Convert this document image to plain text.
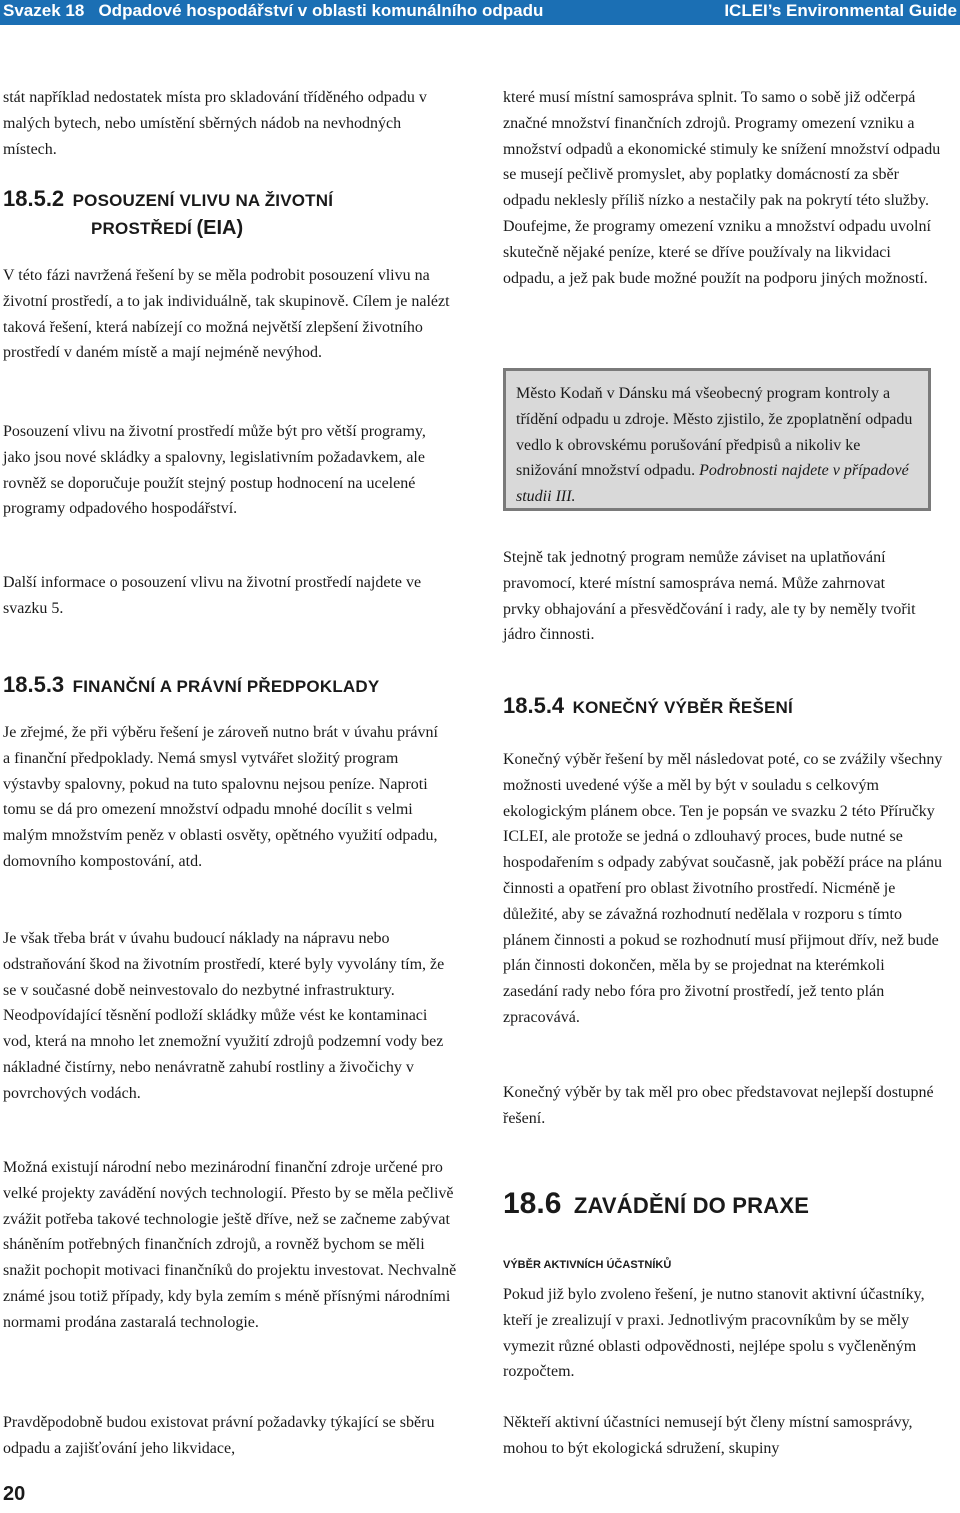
Svazek 18   Odpadové hospodářství v oblasti komunálního odpadu	ICLEI’s Environmental Guide

stát například nedostatek místa pro skladování tříděného odpadu v malých bytech, nebo umístění sběrných nádob na nevhodných místech.

18.5.2 POSOUZENÍ VLIVU NA ŽIVOTNÍ
PROSTŘEDÍ (EIA)

V této fázi navržená řešení by se měla podrobit posouzení vlivu na životní prostředí, a to jak individuálně, tak skupinově. Cílem je nalézt taková řešení, která nabízejí co možná největší zlepšení životního prostředí v daném místě a mají nejméně nevýhod.

Posouzení vlivu na životní prostředí může být pro větší programy, jako jsou nové skládky a spalovny, legislativním požadavkem, ale rovněž se doporučuje použít stejný postup hodnocení na ucelené programy odpadového hospodářství.

Další informace o posouzení vlivu na životní prostředí najdete ve svazku 5.

18.5.3 FINANČNÍ A PRÁVNÍ PŘEDPOKLADY

Je zřejmé, že při výběru řešení je zároveň nutno brát v úvahu právní a finanční předpoklady. Nemá smysl vytvářet složitý program výstavby spalovny, pokud na tuto spalovnu nejsou peníze. Naproti tomu se dá pro omezení množství odpadu mnohé docílit s velmi malým množstvím peněz v oblasti osvěty, opětného využití odpadu, domovního kompostování, atd.

Je však třeba brát v úvahu budoucí náklady na nápravu nebo odstraňování škod na životním prostředí, které byly vyvolány tím, že se v současné době neinvestovalo do nezbytné infrastruktury. Neodpovídající těsnění podloží skládky může vést ke kontaminaci vod, která na mnoho let znemožní využití zdrojů podzemní vody bez nákladné čistírny, nebo nenávratně zahubí rostliny a živočichy v povrchových vodách.

Možná existují národní nebo mezinárodní finanční zdroje určené pro velké projekty zavádění nových technologií. Přesto by se měla pečlivě zvážit potřeba takové technologie ještě dříve, než se začneme zabývat sháněním potřebných finančních zdrojů, a rovněž bychom se měli snažit pochopit motivaci finančníků do projektu investovat. Nechvalně známé jsou totiž případy, kdy byla zemím s méně přísnými národními normami prodána zastaralá technologie.

Pravděpodobně budou existovat právní požadavky týkající se sběru odpadu a zajišťování jeho likvidace,

které musí místní samospráva splnit. To samo o sobě již odčerpá značné množství finančních zdrojů. Programy omezení vzniku a množství odpadů a ekonomické stimuly ke snížení množství odpadu se musejí pečlivě promyslet, aby poplatky domácností za sběr odpadu neklesly příliš nízko a nestačily pak na pokrytí této služby. Doufejme, že programy omezení vzniku a množství odpadu uvolní skutečně nějaké peníze, které se dříve používaly na likvidaci odpadu, a jež pak bude možné použít na podporu jiných možností.

Město Kodaň v Dánsku má všeobecný program kontroly a třídění odpadu u zdroje. Město zjistilo, že zpoplatnění odpadu vedlo k obrovskému porušování předpisů a nikoliv ke snižování množství odpadu. Podrobnosti najdete v případové studii III.

Stejně tak jednotný program nemůže záviset na uplatňování pravomocí, které místní samospráva nemá. Může zahrnovat prvky obhajování a přesvědčování i rady, ale ty by neměly tvořit jádro činnosti.

18.5.4 KONEČNÝ VÝBĚR ŘEŠENÍ

Konečný výběr řešení by měl následovat poté, co se zvážily všechny možnosti uvedené výše a měl by být v souladu s celkovým ekologickým plánem obce. Ten je popsán ve svazku 2 této Příručky ICLEI, ale protože se jedná o zdlouhavý proces, bude nutné se hospodařením s odpady zabývat současně, jak poběží práce na plánu činnosti a opatření pro oblast životního prostředí. Nicméně je důležité, aby se závažná rozhodnutí nedělala v rozporu s tímto plánem činnosti a pokud se rozhodnutí musí přijmout dřív, než bude plán činnosti dokončen, měla by se projednat na kterémkoli zasedání rady nebo fóra pro životní prostředí, jež tento plán zpracovává.

Konečný výběr by tak měl pro obec představovat nejlepší dostupné řešení.

18.6 ZAVÁDĚNÍ DO PRAXE
VÝBĚR AKTIVNÍCH ÚČASTNÍKŮ

Pokud již bylo zvoleno řešení, je nutno stanovit aktivní účastníky, kteří je zrealizují v praxi. Jednotlivým pracovníkům by se měly vymezit různé oblasti odpovědnosti, nejlépe spolu s vyčleněným rozpočtem.

Někteří aktivní účastníci nemusejí být členy místní samosprávy, mohou to být ekologická sdružení, skupiny

20
